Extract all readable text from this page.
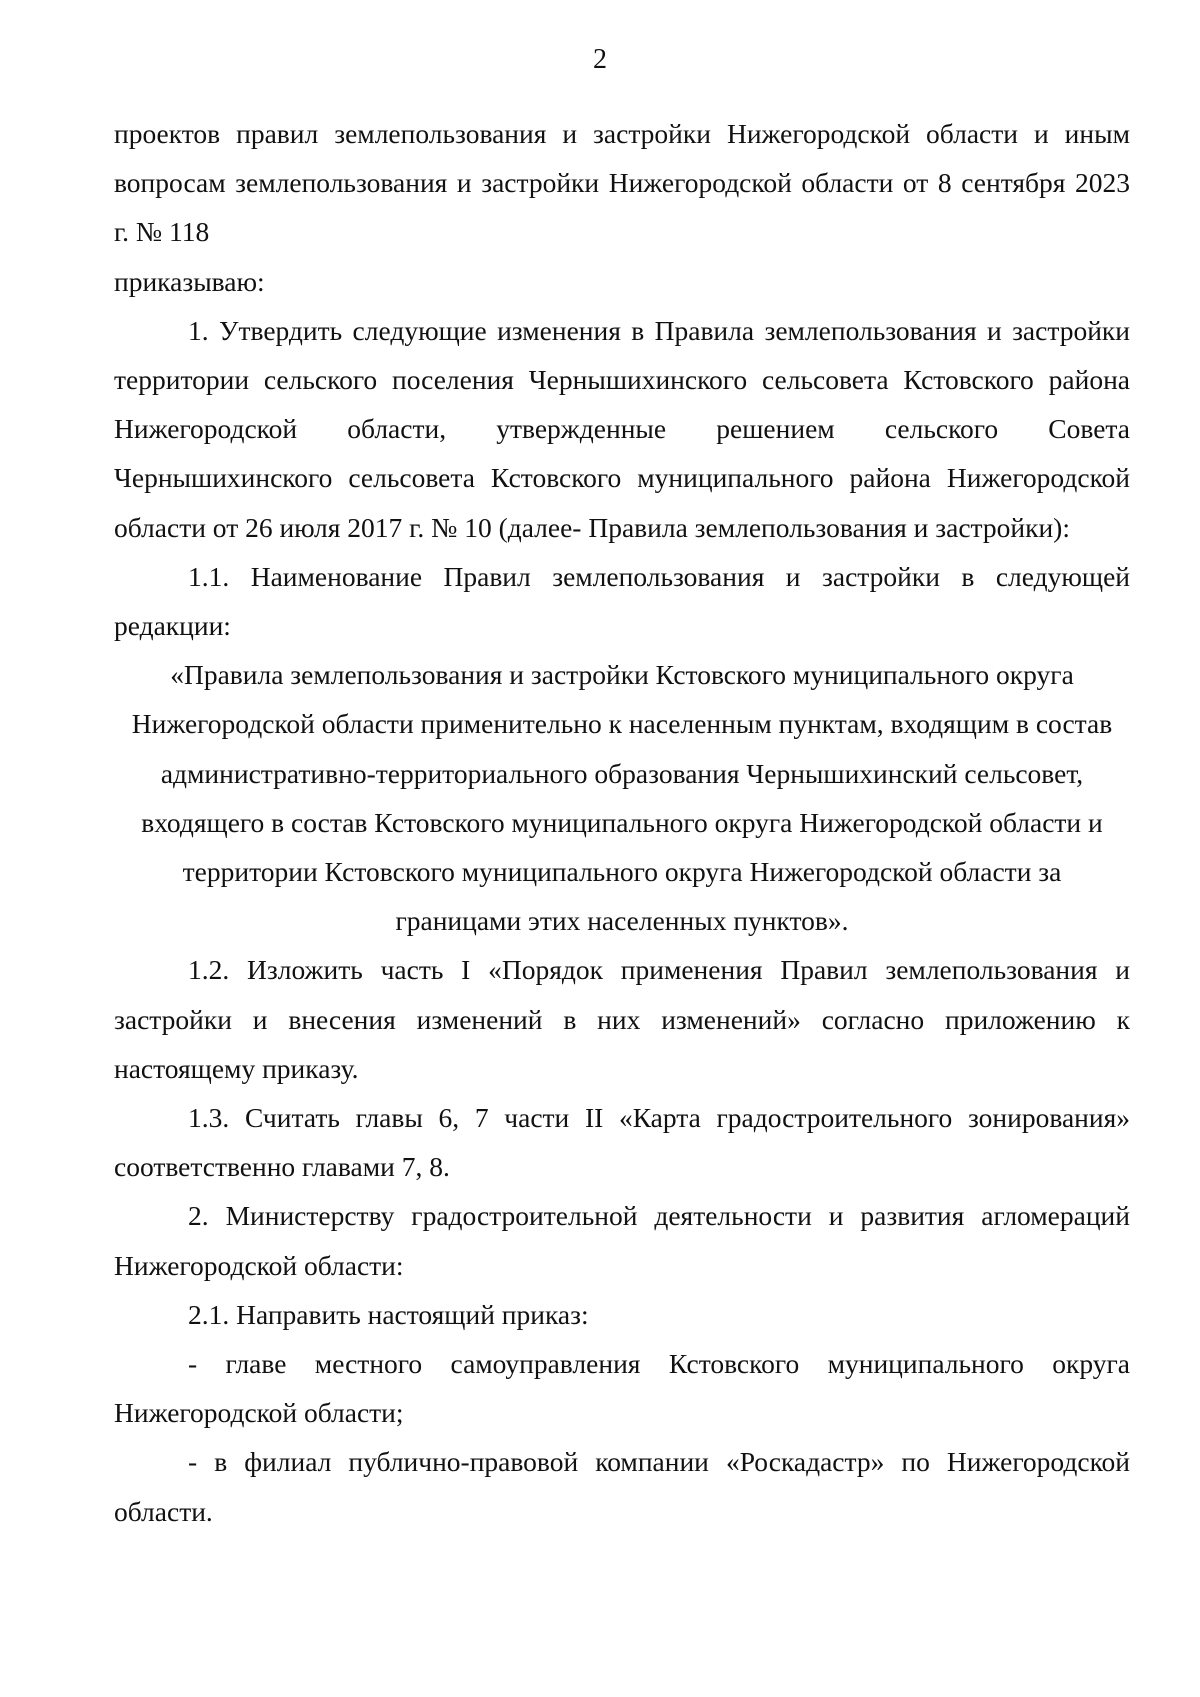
2

проектов правил землепользования и застройки Нижегородской области и иным
вопросам землепользования и застройки Нижегородской области от 8 сентября 2023
г. № 118

приказываю:

1. Утвердить следующие изменения в Правила землепользования и застройки территории сельского поселения Чернышихинского сельсовета Кстовского района Нижегородской области, утвержденные решением сельского Совета Чернышихинского сельсовета Кстовского муниципального района Нижегородской области от 26 июля 2017 г. № 10 (далее- Правила землепользования и застройки):

1.1. Наименование Правил землепользования и застройки в следующей редакции:

«Правила землепользования и застройки Кстовского муниципального округа
Нижегородской области применительно к населенным пунктам, входящим в состав
административно-территориального образования Чернышихинский сельсовет,
входящего в состав Кстовского муниципального округа Нижегородской области и
территории Кстовского муниципального округа Нижегородской области за
границами этих населенных пунктов».

1.2. Изложить часть I «Порядок применения Правил землепользования и застройки и внесения изменений в них изменений» согласно приложению к настоящему приказу.

1.3. Считать главы 6, 7 части II «Карта градостроительного зонирования» соответственно главами 7, 8.

2. Министерству градостроительной деятельности и развития агломераций Нижегородской области:

2.1. Направить настоящий приказ:

- главе местного самоуправления Кстовского муниципального округа Нижегородской области;

- в филиал публично-правовой компании «Роскадастр» по Нижегородской области.
